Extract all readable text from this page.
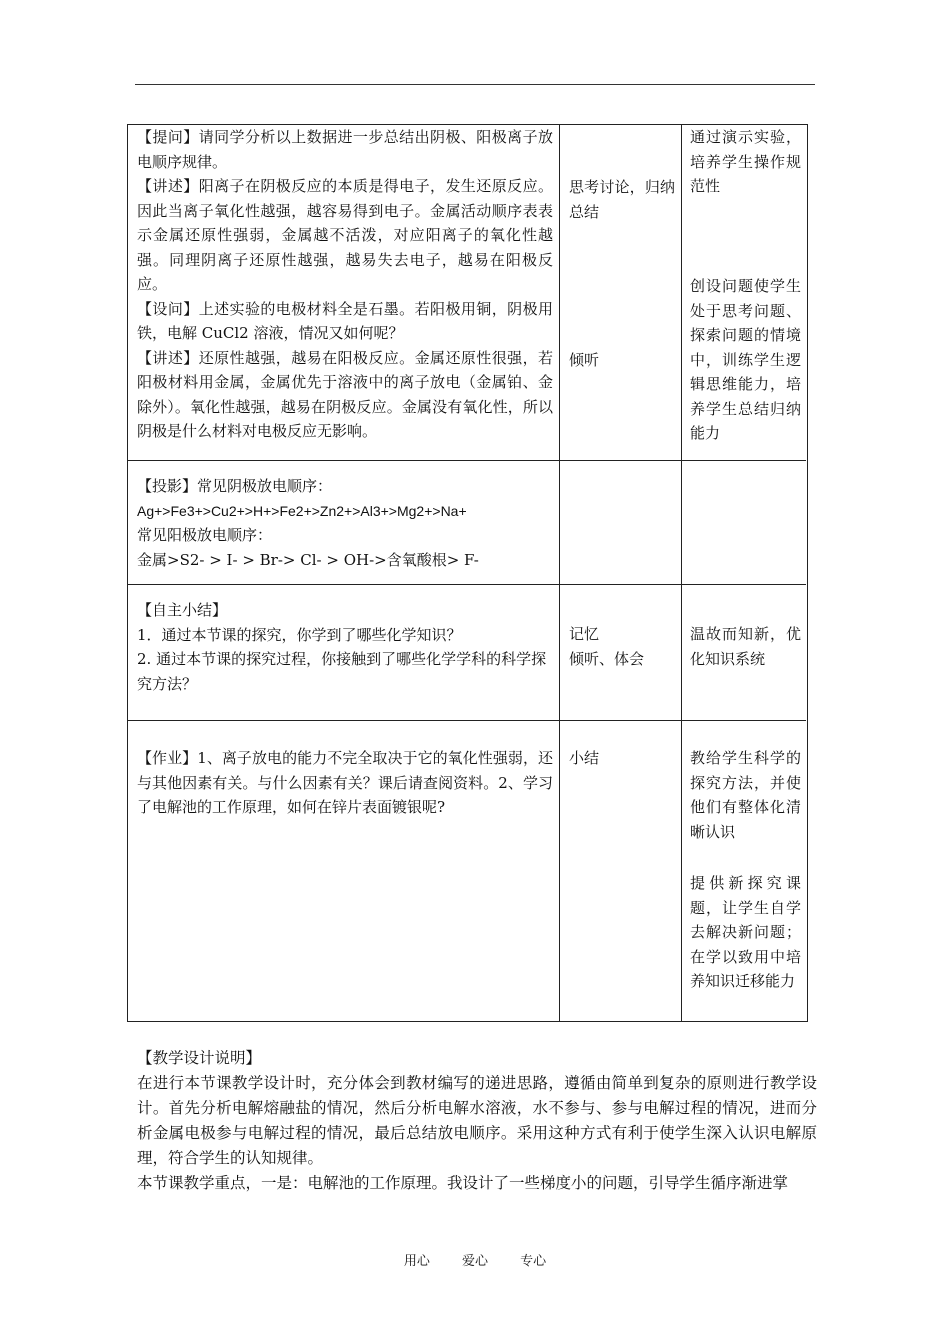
【提问】请同学分析以上数据进一步总结出阴极、阳极离子放电顺序规律。

【讲述】阳离子在阴极反应的本质是得电子，发生还原反应。因此当离子氧化性越强，越容易得到电子。金属活动顺序表表示金属还原性强弱，金属越不活泼，对应阳离子的氧化性越强。同理阴离子还原性越强，越易失去电子，越易在阳极反应。

【设问】上述实验的电极材料全是石墨。若阳极用铜，阴极用铁，电解 CuCl2 溶液，情况又如何呢？

【讲述】还原性越强，越易在阳极反应。金属还原性很强，若阳极材料用金属，金属优先于溶液中的离子放电（金属铂、金除外）。氧化性越强，越易在阴极反应。金属没有氧化性，所以阴极是什么材料对电极反应无影响。

思考讨论，归纳总结
倾听
通过演示实验，培养学生操作规范性
创设问题使学生处于思考问题、探索问题的情境中，训练学生逻辑思维能力，培养学生总结归纳能力

【投影】常见阴极放电顺序：

Ag+>Fe3+>Cu2+>H+>Fe2+>Zn2+>Al3+>Mg2+>Na+

常见阳极放电顺序：

金属>S2- > I- > Br-> Cl- > OH->含氧酸根> F-

【自主小结】

1．通过本节课的探究，你学到了哪些化学知识？

2. 通过本节课的探究过程，你接触到了哪些化学学科的科学探究方法？

记忆

倾听、体会

温故而知新，优化知识系统
【作业】1、离子放电的能力不完全取决于它的氧化性强弱，还与其他因素有关。与什么因素有关？课后请查阅资料。2、学习了电解池的工作原理，如何在锌片表面镀银呢?
小结	教给学生科学的探究方法，并使他们有整体化清晰认识
提供新探究课题，让学生自学去解决新问题；在学以致用中培养知识迁移能力
【教学设计说明】
在进行本节课教学设计时，充分体会到教材编写的递进思路，遵循由简单到复杂的原则进行教学设计。首先分析电解熔融盐的情况，然后分析电解水溶液，水不参与、参与电解过程的情况，进而分析金属电极参与电解过程的情况，最后总结放电顺序。采用这种方式有利于使学生深入认识电解原理，符合学生的认知规律。
本节课教学重点，一是：电解池的工作原理。我设计了一些梯度小的问题，引导学生循序渐进掌
用心 爱心 专心
